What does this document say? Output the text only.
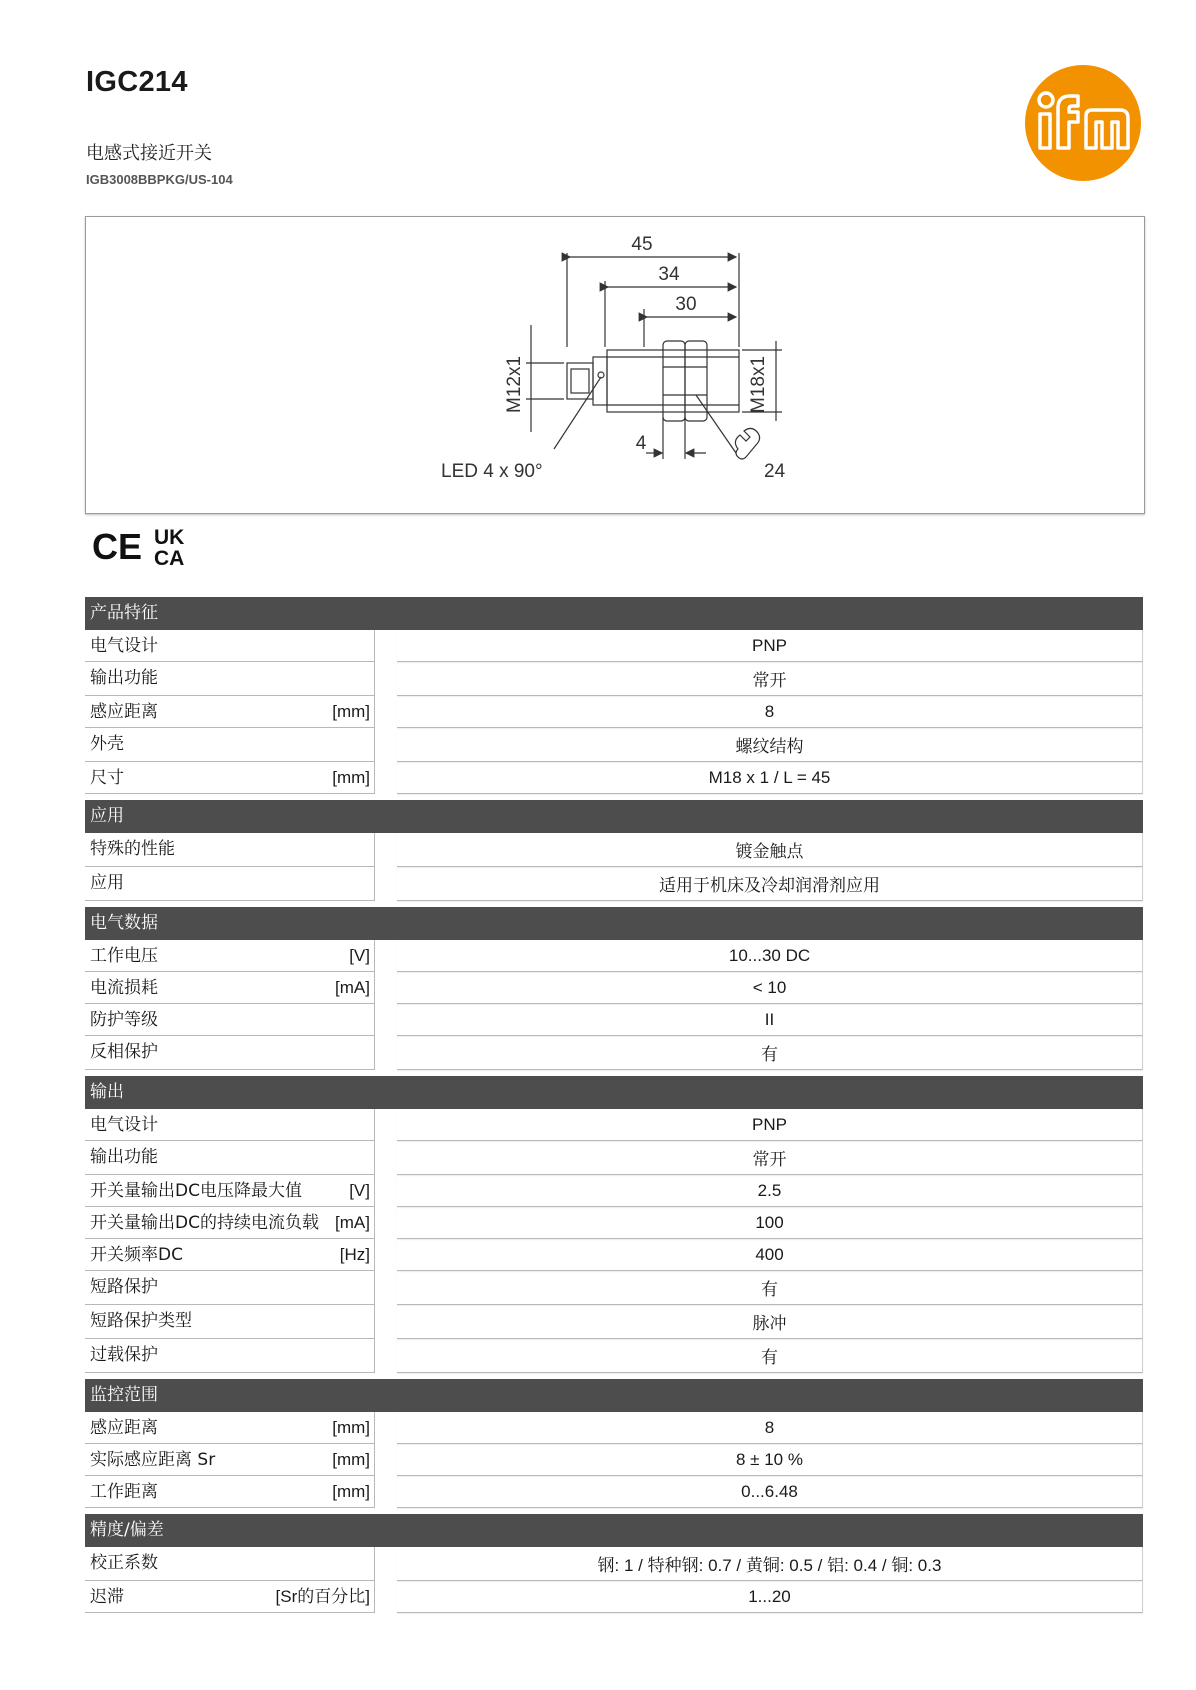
IGC214
电感式接近开关
IGB3008BBPKG/US-104
45
34
30
4
M12x1	M18x1
LED 4 x 90°	24
CE UK
CA
产品特征
电气设计	PNP
输出功能	常开
感应距离	[mm]	8
外壳	螺纹结构
尺寸	[mm]	M18 x 1 / L = 45
应用
特殊的性能	镀金触点
应用	适用于机床及冷却润滑剂应用
电气数据
工作电压	[V]	10...30 DC
电流损耗	[mA]	< 10
防护等级	II
反相保护	有
输出
电气设计	PNP
输出功能	常开
开关量输出DC电压降最大值	[V]	2.5
开关量输出DC的持续电流负载 [mA]	100
开关频率DC	[Hz]	400
短路保护	有
短路保护类型	脉冲
过载保护	有
监控范围
感应距离	[mm]	8
实际感应距离 Sr	[mm]	8 ± 10 %
工作距离	[mm]	0...6.48
精度/偏差
校正系数	钢: 1 / 特种钢: 0.7 / 黄铜: 0.5 / 铝: 0.4 / 铜: 0.3
迟滞	[Sr的百分比]	1...20
